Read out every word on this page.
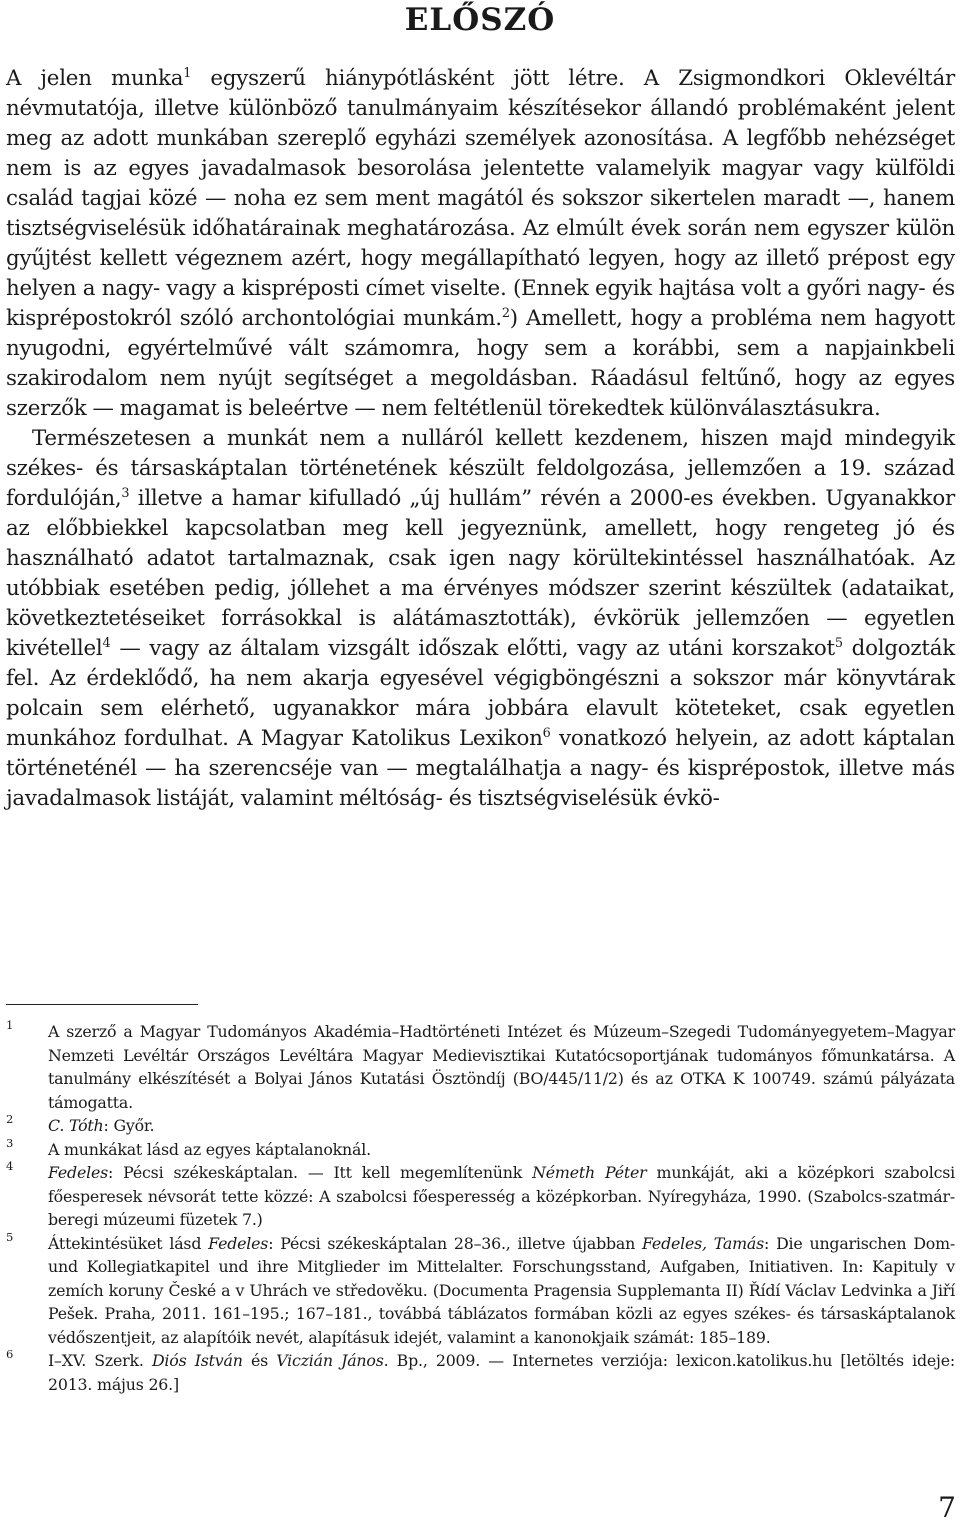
ELŐSZÓ

A jelen munka$^1$ egyszerű hiánypótlásként jött létre. A Zsigmondkori Oklevéltár névmutatója, illetve különböző tanulmányaim készítésekor állandó problémaként jelent meg az adott munkában szereplő egyházi személyek azonosítása. A legfőbb nehézséget nem is az egyes javadalmasok besorolása jelentette valamelyik magyar vagy külföldi család tagjai közé — noha ez sem ment magától és sokszor sikertelen maradt —, hanem tisztségviselésük időhatárainak meghatározása. Az elmúlt évek során nem egyszer külön gyűjtést kellett végeznem azért, hogy megállapítható legyen, hogy az illető prépost egy helyen a nagy- vagy a kispréposti címet viselte. (Ennek egyik hajtása volt a győri nagy- és kisprépostokról szóló archontológiai munkám.$^2$) Amellett, hogy a probléma nem hagyott nyugodni, egyértelművé vált számomra, hogy sem a korábbi, sem a napjainkbeli szakirodalom nem nyújt segítséget a megoldásban. Ráadásul feltűnő, hogy az egyes szerzők — magamat is beleértve — nem feltétlenül törekedtek különválasztásukra.

Természetesen a munkát nem a nulláról kellett kezdenem, hiszen majd mindegyik székes- és társaskáptalan történetének készült feldolgozása, jellemzően a 19. század fordulóján,$^3$ illetve a hamar kifulladó „új hullám” révén a 2000-es években. Ugyanakkor az előbbiekkel kapcsolatban meg kell jegyeznünk, amellett, hogy rengeteg jó és használható adatot tartalmaznak, csak igen nagy körültekintéssel használhatóak. Az utóbbiak esetében pedig, jóllehet a ma érvényes módszer szerint készültek (adataikat, következtetéseiket forrásokkal is alátámasztották), évkörük jellemzően — egyetlen kivétellel$^4$ — vagy az általam vizsgált időszak előtti, vagy az utáni korszakot$^5$ dolgozták fel. Az érdeklődő, ha nem akarja egyesével végigböngészni a sokszor már könyvtárak polcain sem elérhető, ugyanakkor mára jobbára elavult köteteket, csak egyetlen munkához fordulhat. A Magyar Katolikus Lexikon$^6$ vonatkozó helyein, az adott káptalan történeténél — ha szerencséje van — megtalálhatja a nagy- és kisprépostok, illetve más javadalmasok listáját, valamint méltóság- és tisztségviselésük évkö-

1 A szerző a Magyar Tudományos Akadémia–Hadtörténeti Intézet és Múzeum–Szegedi Tudományegyetem–Magyar Nemzeti Levéltár Országos Levéltára Magyar Medievisztikai Kutatócsoportjának tudományos főmunkatársa. A tanulmány elkészítését a Bolyai János Kutatási Ösztöndíj (BO/445/11/2) és az OTKA K 100749. számú pályázata támogatta.
2 C. Tóth: Győr.
3 A munkákat lásd az egyes káptalanoknál.
4 Fedeles: Pécsi székeskáptalan. — Itt kell megemlítenünk Németh Péter munkáját, aki a középkori szabolcsi főesperesek névsorát tette közzé: A szabolcsi főesperesség a középkorban. Nyíregyháza, 1990. (Szabolcs-szatmár-beregi múzeumi füzetek 7.)
5 Áttekintésüket lásd Fedeles: Pécsi székeskáptalan 28–36., illetve újabban Fedeles, Tamás: Die ungarischen Dom- und Kollegiatkapitel und ihre Mitglieder im Mittelalter. Forschungsstand, Aufgaben, Initiativen. In: Kapituly v zemích koruny České a v Uhrách ve středověku. (Documenta Pragensia Supplemanta II) Řídí Václav Ledvinka a Jiří Pešek. Praha, 2011. 161–195.; 167–181., továbbá táblázatos formában közli az egyes székes- és társaskáptalanok védőszentjeit, az alapítóik nevét, alapításuk idejét, valamint a kanonokjaik számát: 185–189.
6 I–XV. Szerk. Diós István és Viczián János. Bp., 2009. — Internetes verziója: lexicon.katolikus.hu [letöltés ideje: 2013. május 26.]
7
